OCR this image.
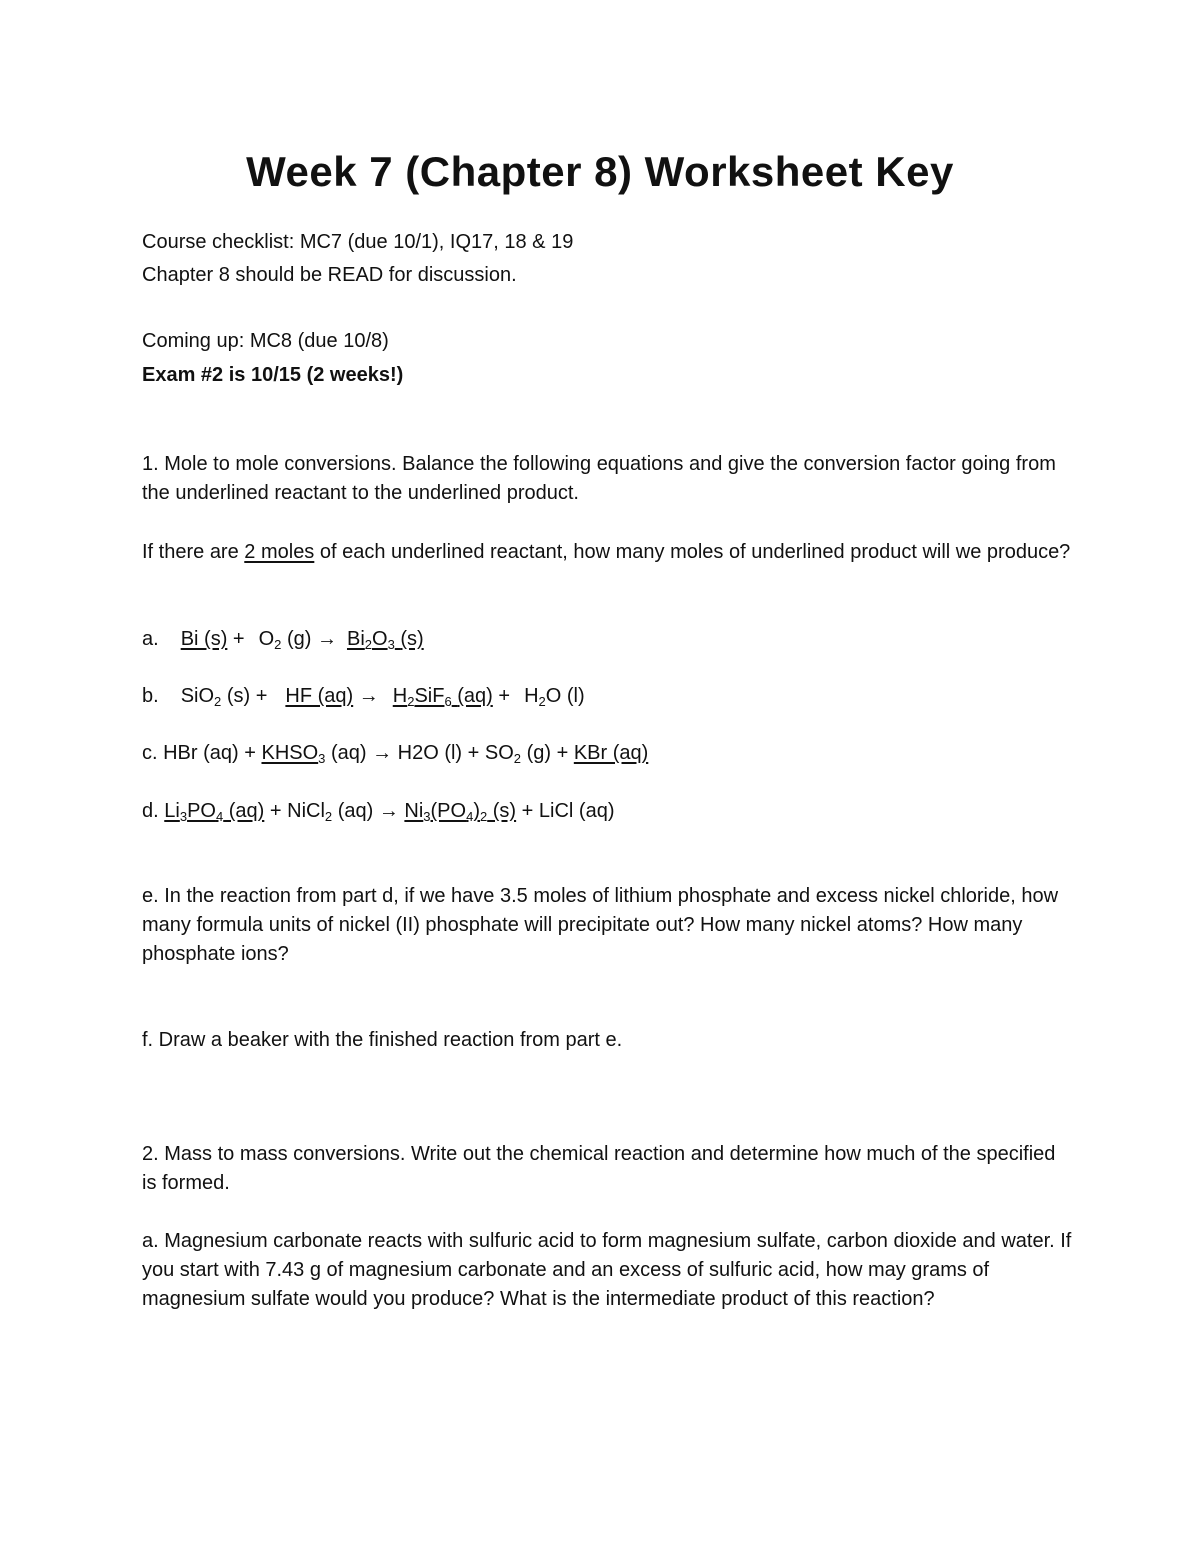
Week 7 (Chapter 8) Worksheet Key
Course checklist: MC7 (due 10/1), IQ17, 18 & 19
Chapter 8 should be READ for discussion.
Coming up: MC8 (due 10/8)
Exam #2 is 10/15 (2 weeks!)
1. Mole to mole conversions. Balance the following equations and give the conversion factor going from the underlined reactant to the underlined product.
If there are 2 moles of each underlined reactant, how many moles of underlined product will we produce?
a. Bi $(s) + O_2$ $(g) \to Bi_2O_3$ (s)
b. SiO$_2$ (s) + HF $(aq) \to H_2SiF_6$ $(aq) + H_2O$ (l)
c. HBr $(aq) + KHSO_3$ (aq) → H2O $(l) + SO_2$ (g) + KBr (aq)
d. $Li_3PO_4$ (aq) + NiCl$_2$ $(aq) \to Ni_3(PO_4)_2$ (s) + LiCl (aq)
e. In the reaction from part d, if we have 3.5 moles of lithium phosphate and excess nickel chloride, how many formula units of nickel (II) phosphate will precipitate out? How many nickel atoms? How many phosphate ions?
f. Draw a beaker with the finished reaction from part e.
2. Mass to mass conversions. Write out the chemical reaction and determine how much of the specified is formed.
a. Magnesium carbonate reacts with sulfuric acid to form magnesium sulfate, carbon dioxide and water. If you start with 7.43 g of magnesium carbonate and an excess of sulfuric acid, how may grams of magnesium sulfate would you produce? What is the intermediate product of this reaction?
